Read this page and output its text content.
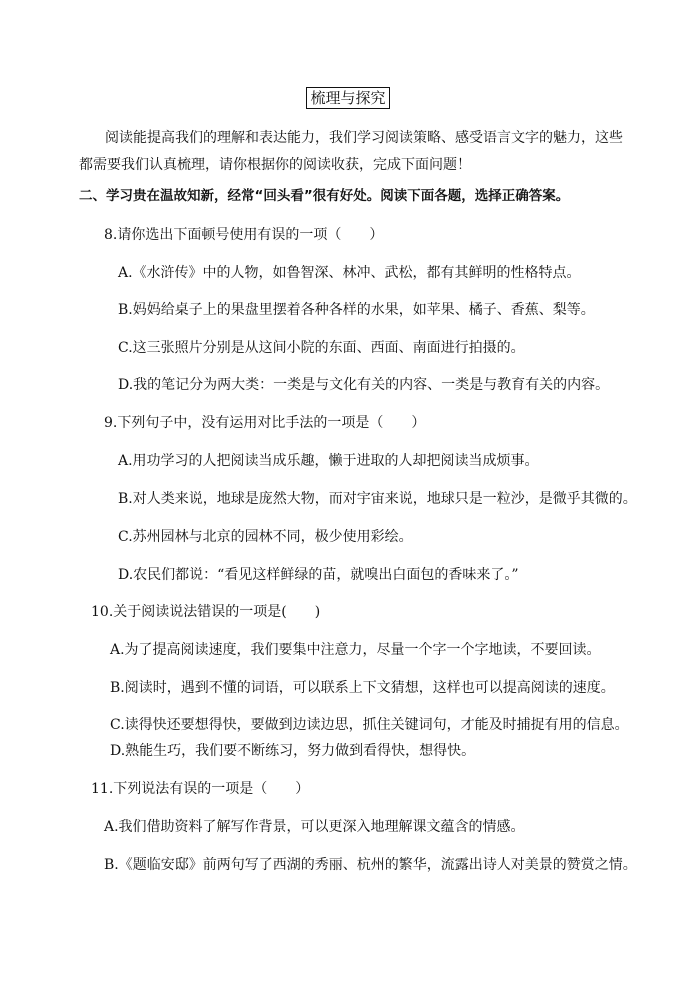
梳理与探究
阅读能提高我们的理解和表达能力，我们学习阅读策略、感受语言文字的魅力，这些
都需要我们认真梳理，请你根据你的阅读收获，完成下面问题！
二、学习贵在温故知新，经常“回头看”很有好处。阅读下面各题，选择正确答案。
8.请你选出下面顿号使用有误的一项（　　）
A.《水浒传》中的人物，如鲁智深、林冲、武松，都有其鲜明的性格特点。
B.妈妈给桌子上的果盘里摆着各种各样的水果，如苹果、橘子、香蕉、梨等。
C.这三张照片分别是从这间小院的东面、西面、南面进行拍摄的。
D.我的笔记分为两大类：一类是与文化有关的内容、一类是与教育有关的内容。
9.下列句子中，没有运用对比手法的一项是（　　）
A.用功学习的人把阅读当成乐趣，懒于进取的人却把阅读当成烦事。
B.对人类来说，地球是庞然大物，而对宇宙来说，地球只是一粒沙，是微乎其微的。
C.苏州园林与北京的园林不同，极少使用彩绘。
D.农民们都说：“看见这样鲜绿的苗，就嗅出白面包的香味来了。”
10.关于阅读说法错误的一项是(　　)
A.为了提高阅读速度，我们要集中注意力，尽量一个字一个字地读，不要回读。
B.阅读时，遇到不懂的词语，可以联系上下文猜想，这样也可以提高阅读的速度。
C.读得快还要想得快，要做到边读边思，抓住关键词句，才能及时捕捉有用的信息。
D.熟能生巧，我们要不断练习，努力做到看得快，想得快。
11.下列说法有误的一项是（　　）
A.我们借助资料了解写作背景，可以更深入地理解课文蕴含的情感。
B.《题临安邸》前两句写了西湖的秀丽、杭州的繁华，流露出诗人对美景的赞赏之情。
